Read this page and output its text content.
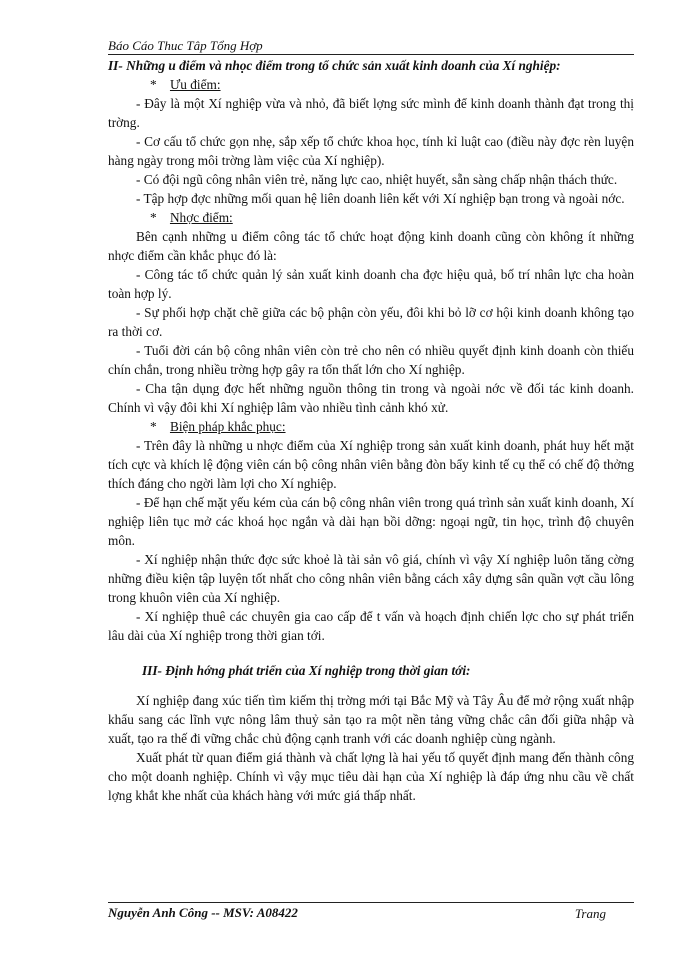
Báo Cáo Thuc Tâp Tổng Hợp

II- Những u điểm và nhọc điểm trong tổ chức sản xuất kinh doanh của Xí nghiệp:

*    Ưu điểm:

- Đây là một Xí nghiệp vừa và nhỏ, đã biết lợng sức mình để kinh doanh thành đạt trong thị trờng.

- Cơ cấu tổ chức gọn nhẹ, sắp xếp tổ chức khoa học, tính kỉ luật cao (điều này đợc rèn luyện hàng ngày trong môi trờng làm việc của Xí nghiệp).

- Có đội ngũ công nhân viên trẻ, năng lực cao, nhiệt huyết, sẵn sàng chấp nhận thách thức.

- Tập hợp đợc những mối quan hệ liên doanh liên kết với Xí nghiệp bạn trong và ngoài nớc.

*    Nhợc điểm:

Bên cạnh những u điểm công tác tổ chức hoạt động kinh doanh cũng còn không ít những nhợc điểm cần khắc phục đó là:

- Công tác tổ chức quản lý sản xuất kinh doanh cha đợc hiệu quả, bố trí nhân lực cha hoàn toàn hợp lý.

- Sự phối hợp chặt chẽ giữa các bộ phận còn yếu, đôi khi bỏ lỡ cơ hội kinh doanh không tạo ra thời cơ.

- Tuổi đời cán bộ công nhân viên còn trẻ cho nên có nhiều quyết định kinh doanh còn thiếu chín chắn, trong nhiều trờng hợp gây ra tổn thất lớn cho Xí nghiệp.

- Cha tận dụng đợc hết những nguồn thông tin trong và ngoài nớc về đối tác kinh doanh. Chính vì vậy đôi khi Xí nghiệp lâm vào nhiều tình cảnh khó xử.

*    Biện pháp khắc phục:

- Trên đây là những u nhợc điểm của Xí nghiệp trong sản xuất kinh doanh, phát huy hết mặt tích cực và khích lệ động viên cán bộ công nhân viên bằng đòn bẩy kinh tế cụ thể có chế độ thởng thích đáng cho ngời làm lợi cho Xí nghiệp.

- Để hạn chế mặt yếu kém của cán bộ công nhân viên trong quá trình sản xuất kinh doanh, Xí nghiệp liên tục mở các khoá học ngắn và dài hạn bồi dỡng: ngoại ngữ, tin học, trình độ chuyên môn.

- Xí nghiệp nhận thức đợc sức khoẻ là tài sản vô giá, chính vì vậy Xí nghiệp luôn tăng cờng những điều kiện tập luyện tốt nhất cho công nhân viên bằng cách xây dựng sân quần vợt cầu lông trong khuôn viên của Xí nghiệp.

- Xí nghiệp thuê các chuyên gia cao cấp để t vấn và hoạch định chiến lợc cho sự phát triển lâu dài của Xí nghiệp trong thời gian tới.

III- Định hớng phát triển của Xí nghiệp trong thời gian tới:

Xí nghiệp đang xúc tiến tìm kiếm thị trờng mới tại Bắc Mỹ và Tây Âu để mở rộng xuất nhập khẩu sang các lĩnh vực nông lâm thuỷ sản tạo ra một nền tảng vững chắc cân đối giữa nhập và xuất, tạo ra thế đi vững chắc chủ động cạnh tranh với các doanh nghiệp cùng ngành.

Xuất phát từ quan điểm giá thành và chất lợng là hai yếu tố quyết định mang đến thành công cho một doanh nghiệp. Chính vì vậy mục tiêu dài hạn của Xí nghiệp là đáp ứng nhu cầu về chất lợng khắt khe nhất của khách hàng với mức giá thấp nhất.

Nguyễn Anh Công -- MSV: A08422	Trang
